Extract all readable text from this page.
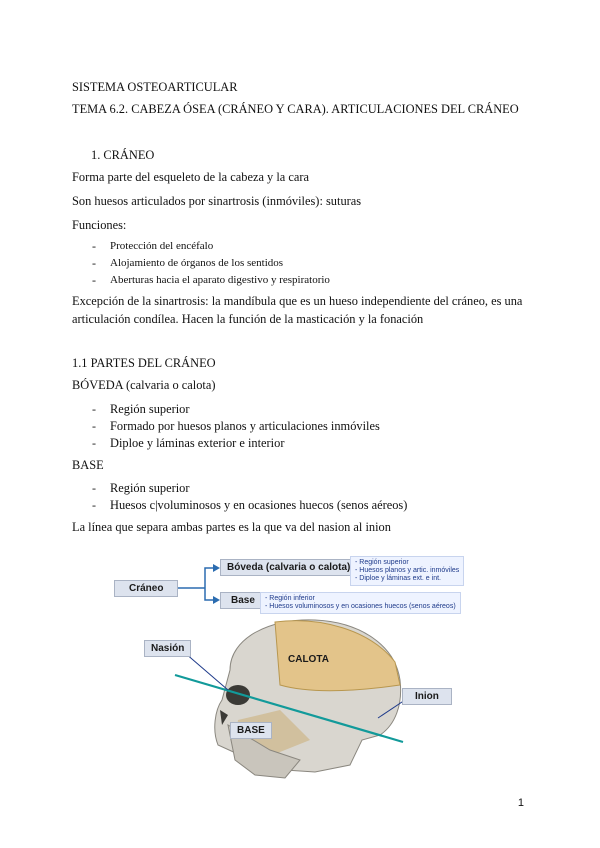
SISTEMA OSTEOARTICULAR
TEMA 6.2. CABEZA ÓSEA (CRÁNEO Y CARA). ARTICULACIONES DEL CRÁNEO
1. CRÁNEO
Forma parte del esqueleto de la cabeza y la cara
Son huesos articulados por sinartrosis (inmóviles): suturas
Funciones:
- Protección del encéfalo
- Alojamiento de órganos de los sentidos
- Aberturas hacia el aparato digestivo y respiratorio
Excepción de la sinartrosis: la mandíbula que es un hueso independiente del cráneo, es una
articulación condílea. Hacen la función de la masticación y la fonación
1.1 PARTES DEL CRÁNEO
BÓVEDA (calvaria o calota)
- Región superior
- Formado por huesos planos y articulaciones inmóviles
- Diploe y láminas exterior e interior
BASE
- Región superior
- Huesos c|voluminosos y en ocasiones huecos (senos aéreos)
La línea que separa ambas partes es la que va del nasion al inion
Cráneo
Bóveda (calvaria o calota)
Base
- Región superior
- Huesos planos y artic. inmóviles
- Diploe y láminas ext. e int.
- Región inferior
- Huesos voluminosos y en ocasiones huecos (senos aéreos)
Nasión
CALOTA
Inion
BASE
1
